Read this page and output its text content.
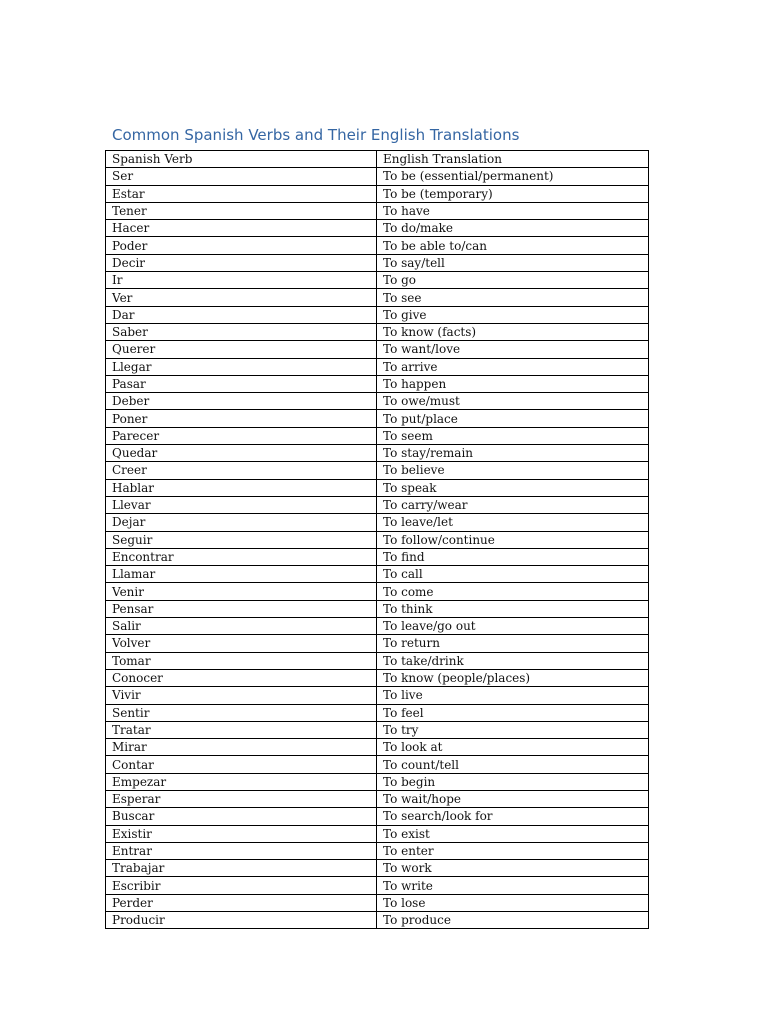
Common Spanish Verbs and Their English Translations
Spanish Verb	English Translation
Ser	To be (essential/permanent)
Estar	To be (temporary)
Tener	To have
Hacer	To do/make
Poder	To be able to/can
Decir	To say/tell
Ir	To go
Ver	To see
Dar	To give
Saber	To know (facts)
Querer	To want/love
Llegar	To arrive
Pasar	To happen
Deber	To owe/must
Poner	To put/place
Parecer	To seem
Quedar	To stay/remain
Creer	To believe
Hablar	To speak
Llevar	To carry/wear
Dejar	To leave/let
Seguir	To follow/continue
Encontrar	To find
Llamar	To call
Venir	To come
Pensar	To think
Salir	To leave/go out
Volver	To return
Tomar	To take/drink
Conocer	To know (people/places)
Vivir	To live
Sentir	To feel
Tratar	To try
Mirar	To look at
Contar	To count/tell
Empezar	To begin
Esperar	To wait/hope
Buscar	To search/look for
Existir	To exist
Entrar	To enter
Trabajar	To work
Escribir	To write
Perder	To lose
Producir	To produce
